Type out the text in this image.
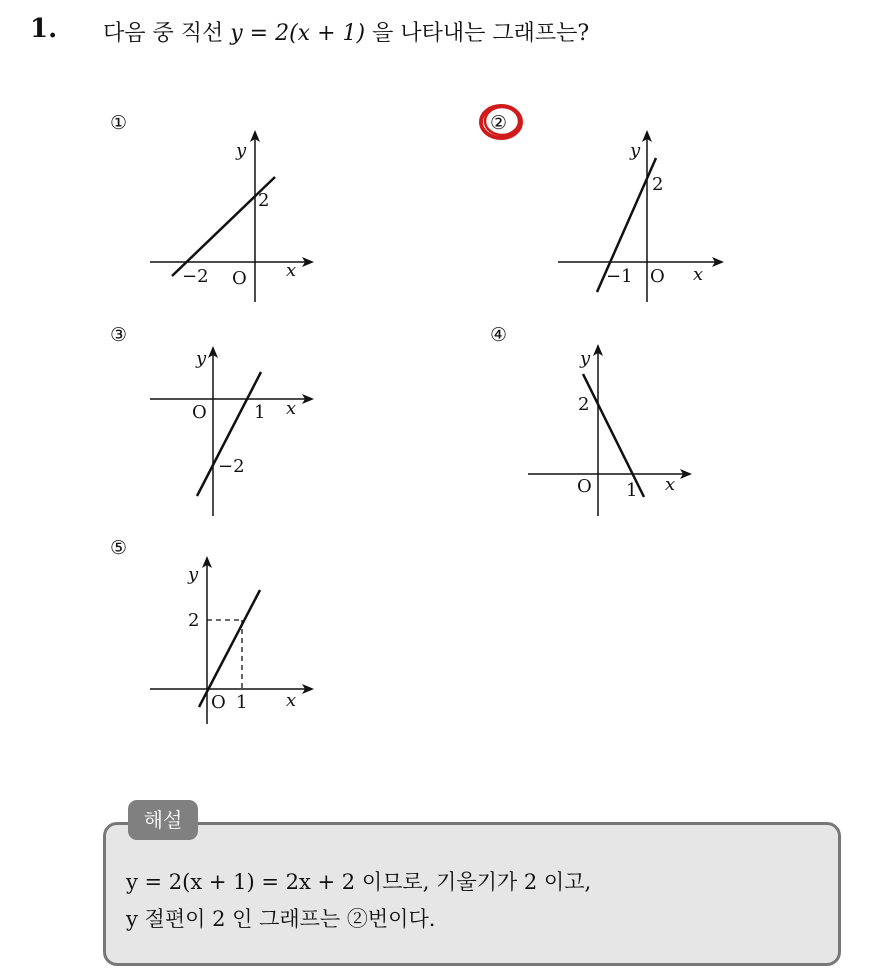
1. 다음 중 직선 y = 2(x + 1) 을 나타내는 그래프는?
①
y
x
O
−2
2
②
y
x
O
−1
2
③
y
x
O	1
−2
④
y
x
O
2
1
⑤
y
x
O
2
1
해설
y = 2(x + 1) = 2x + 2 이므로, 기울기가 2 이고,
y 절편이 2 인 그래프는 ②번이다.
